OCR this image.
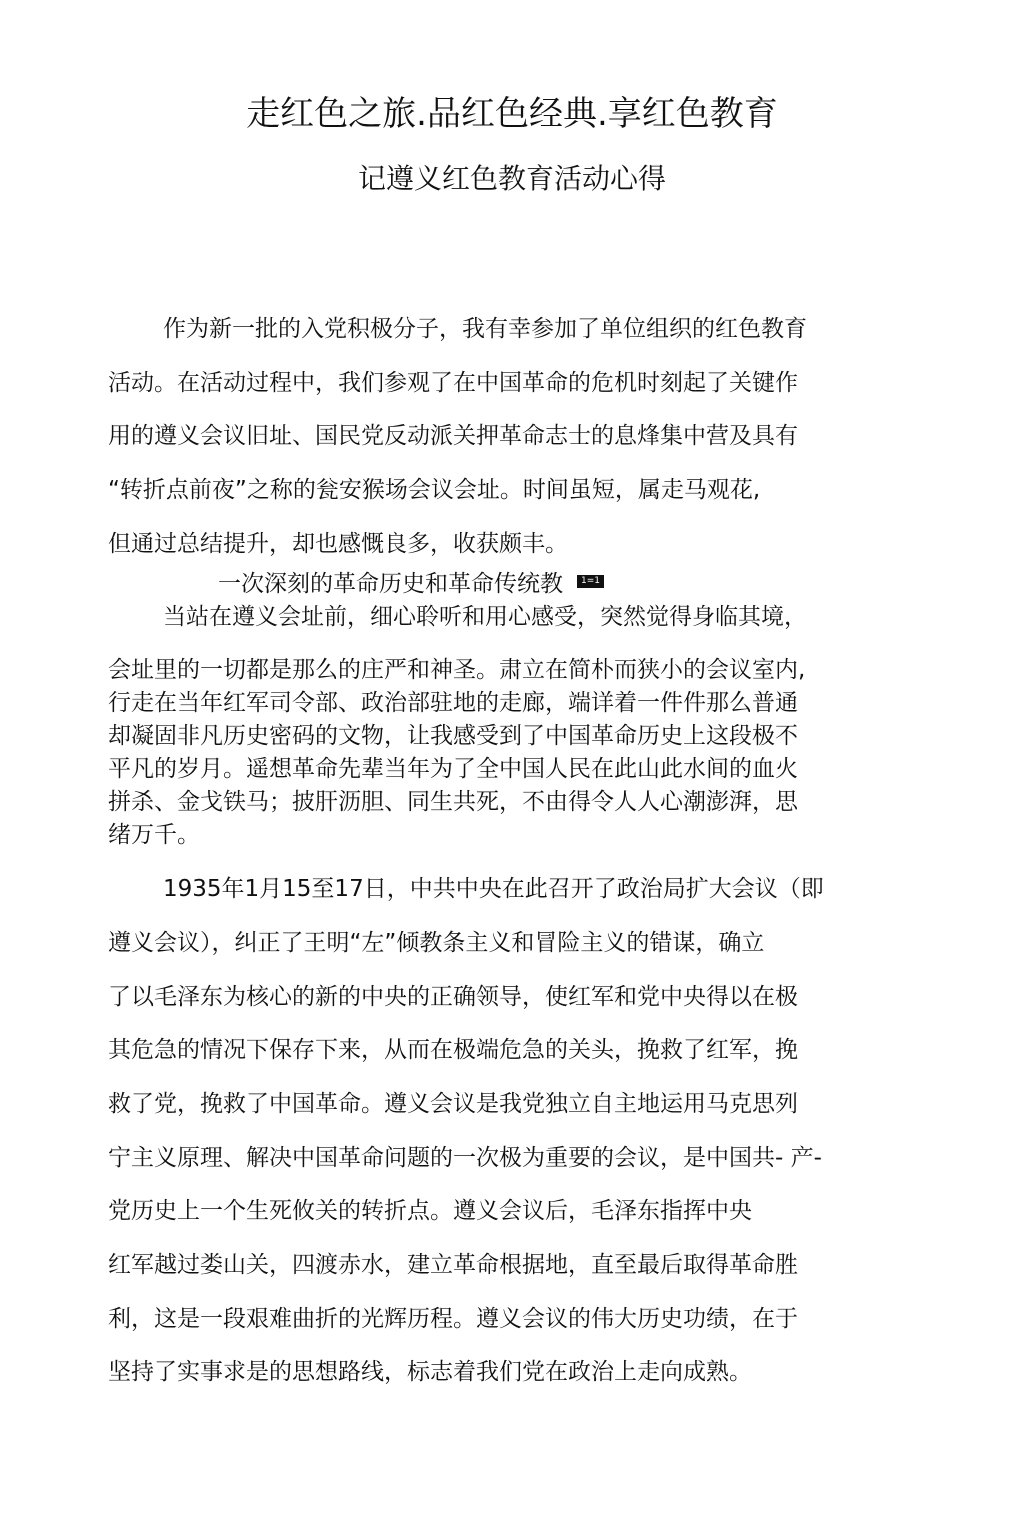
走红色之旅.品红色经典.享红色教育
记遵义红色教育活动心得

作为新一批的入党积极分子，我有幸参加了单位组织的红色教育

活动。在活动过程中，我们参观了在中国革命的危机时刻起了关键作

用的遵义会议旧址、国民党反动派关押革命志士的息烽集中营及具有

“转折点前夜”之称的瓮安猴场会议会址。时间虽短，属走马观花,

但通过总结提升，却也感慨良多，收获颇丰。

一次深刻的革命历史和革命传统教 1=1

当站在遵义会址前，细心聆听和用心感受，突然觉得身临其境，

会址里的一切都是那么的庄严和神圣。肃立在简朴而狭小的会议室内,

行走在当年红军司令部、政治部驻地的走廊，端详着一件件那么普通

却凝固非凡历史密码的文物，让我感受到了中国革命历史上这段极不

平凡的岁月。遥想革命先辈当年为了全中国人民在此山此水间的血火

拼杀、金戈铁马；披肝沥胆、同生共死，不由得令人人心潮澎湃，思

绪万千。

1935年1月15至17日，中共中央在此召开了政治局扩大会议（即

遵义会议），纠正了王明“左”倾教条主义和冒险主义的错谋，确立

了以毛泽东为核心的新的中央的正确领导，使红军和党中央得以在极

其危急的情况下保存下来，从而在极端危急的关头，挽救了红军，挽

救了党，挽救了中国革命。遵义会议是我党独立自主地运用马克思列

宁主义原理、解决中国革命问题的一次极为重要的会议，是中国共- 产-

党历史上一个生死攸关的转折点。遵义会议后，毛泽东指挥中央

红军越过娄山关，四渡赤水，建立革命根据地，直至最后取得革命胜

利，这是一段艰难曲折的光辉历程。遵义会议的伟大历史功绩，在于

坚持了实事求是的思想路线，标志着我们党在政治上走向成熟。
